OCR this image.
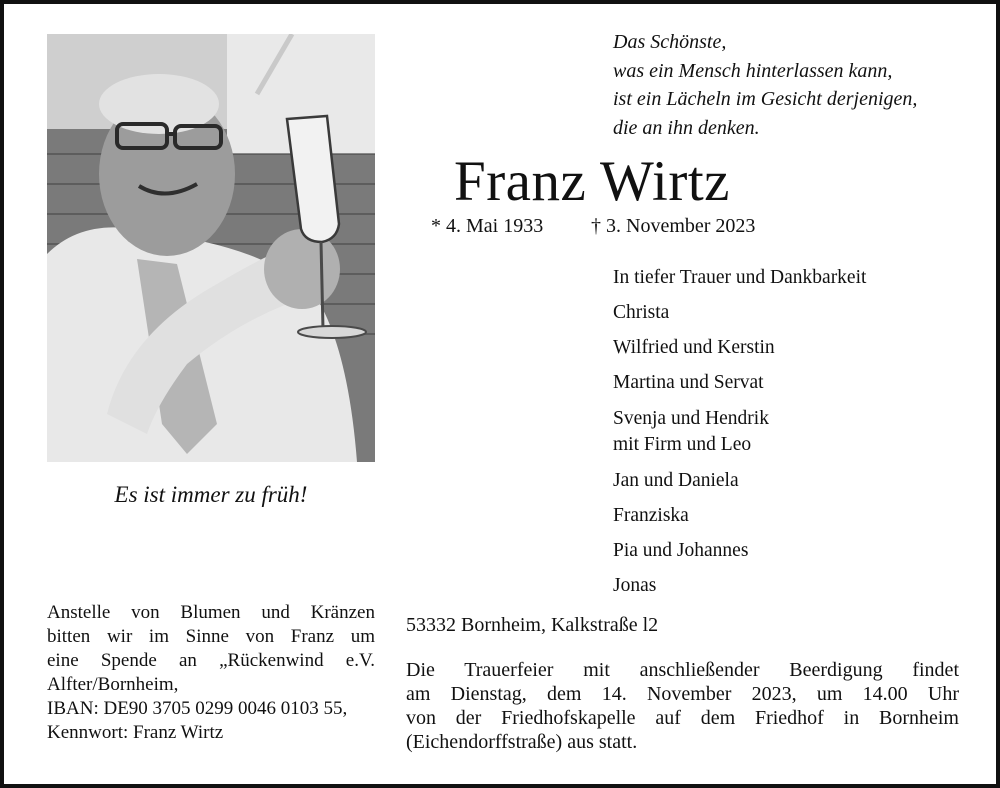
Es ist immer zu früh!
Das Schönste,
was ein Mensch hinterlassen kann,
ist ein Lächeln im Gesicht derjenigen,
die an ihn denken.
Franz Wirtz
* 4. Mai 1933 † 3. November 2023
In tiefer Trauer und Dankbarkeit
Christa
Wilfried und Kerstin
Martina und Servat
Svenja und Hendrik
mit Firm und Leo
Jan und Daniela
Franziska
Pia und Johannes
Jonas
Anstelle von Blumen und Kränzen
bitten wir im Sinne von Franz um
eine Spende an „Rückenwind e.V.
Alfter/Bornheim,
IBAN: DE90 3705 0299 0046 0103 55,
Kennwort: Franz Wirtz
53332 Bornheim, Kalkstraße l2
Die Trauerfeier mit anschließender Beerdigung findet
am Dienstag, dem 14. November 2023, um 14.00 Uhr
von der Friedhofskapelle auf dem Friedhof in Bornheim
(Eichendorffstraße) aus statt.
